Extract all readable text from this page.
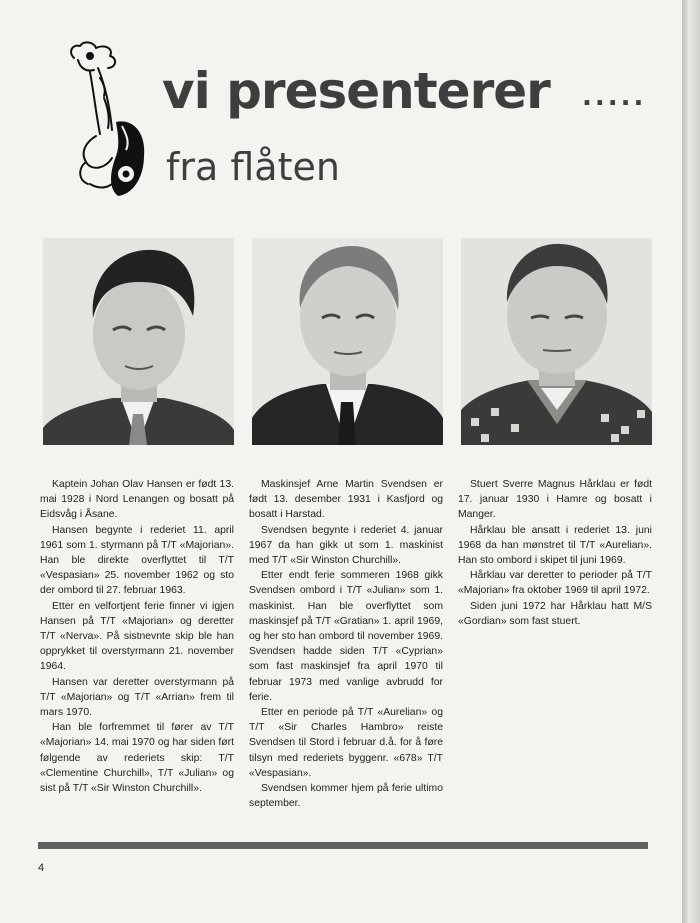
vi presenterer .....
fra flåten

Kaptein Johan Olav Hansen er født 13. mai 1928 i Nord Lenangen og bosatt på Eidsvåg i Åsane.

Hansen begynte i rederiet 11. april 1961 som 1. styrmann på T/T «Majorian». Han ble direkte overflyttet til T/T «Vespasian» 25. november 1962 og sto der ombord til 27. februar 1963.

Etter en velfortjent ferie finner vi igjen Hansen på T/T «Majorian» og deretter T/T «Nerva». På sistnevnte skip ble han opprykket til overstyrmann 21. november 1964.

Hansen var deretter overstyrmann på T/T «Majorian» og T/T «Arrian» frem til mars 1970.

Han ble forfremmet til fører av T/T «Majorian» 14. mai 1970 og har siden ført følgende av rederiets skip: T/T «Clementine Churchill», T/T «Julian» og sist på T/T «Sir Winston Churchill».

Maskinsjef Arne Martin Svendsen er født 13. desember 1931 i Kasfjord og bosatt i Harstad.

Svendsen begynte i rederiet 4. januar 1967 da han gikk ut som 1. maskinist med T/T «Sir Winston Churchill».

Etter endt ferie sommeren 1968 gikk Svendsen ombord i T/T «Julian» som 1. maskinist. Han ble overflyttet som maskinsjef på T/T «Gratian» 1. april 1969, og her sto han ombord til november 1969. Svendsen hadde siden T/T «Cyprian» som fast maskinsjef fra april 1970 til februar 1973 med vanlige avbrudd for ferie.

Etter en periode på T/T «Aurelian» og T/T «Sir Charles Hambro» reiste Svendsen til Stord i februar d.å. for å føre tilsyn med rederiets byggenr. «678» T/T «Vespasian».

Svendsen kommer hjem på ferie ultimo september.

Stuert Sverre Magnus Hårklau er født 17. januar 1930 i Hamre og bosatt i Manger.

Hårklau ble ansatt i rederiet 13. juni 1968 da han mønstret til T/T «Aurelian». Han sto ombord i skipet til juni 1969.

Hårklau var deretter to perioder på T/T «Majorian» fra oktober 1969 til april 1972.

Siden juni 1972 har Hårklau hatt M/S «Gordian» som fast stuert.

4
